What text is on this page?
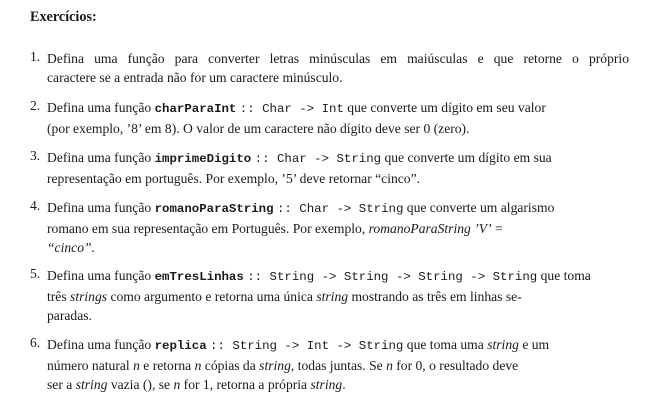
Exercícios:
1. Defina uma função para converter letras minúsculas em maiúsculas e que retorne o próprio
caractere se a entrada não for um caractere minúsculo.
2. Defina uma função charParaInt :: Char -> Int que converte um dígito em seu valor
(por exemplo, ’8’ em 8). O valor de um caractere não dígito deve ser 0 (zero).
3. Defina uma função imprimeDigito :: Char -> String que converte um dígito em sua
representação em português. Por exemplo, ’5’ deve retornar “cinco”.
4. Defina uma função romanoParaString :: Char -> String que converte um algarismo
romano em sua representação em Português. Por exemplo, romanoParaString ’V’ =
“cinco”.
5. Defina uma função emTresLinhas :: String -> String -> String -> String que toma
três strings como argumento e retorna uma única string mostrando as três em linhas se-
paradas.
6. Defina uma função replica :: String -> Int -> String que toma uma string e um
número natural n e retorna n cópias da string, todas juntas. Se n for 0, o resultado deve
ser a string vazia (), se n for 1, retorna a própria string.
